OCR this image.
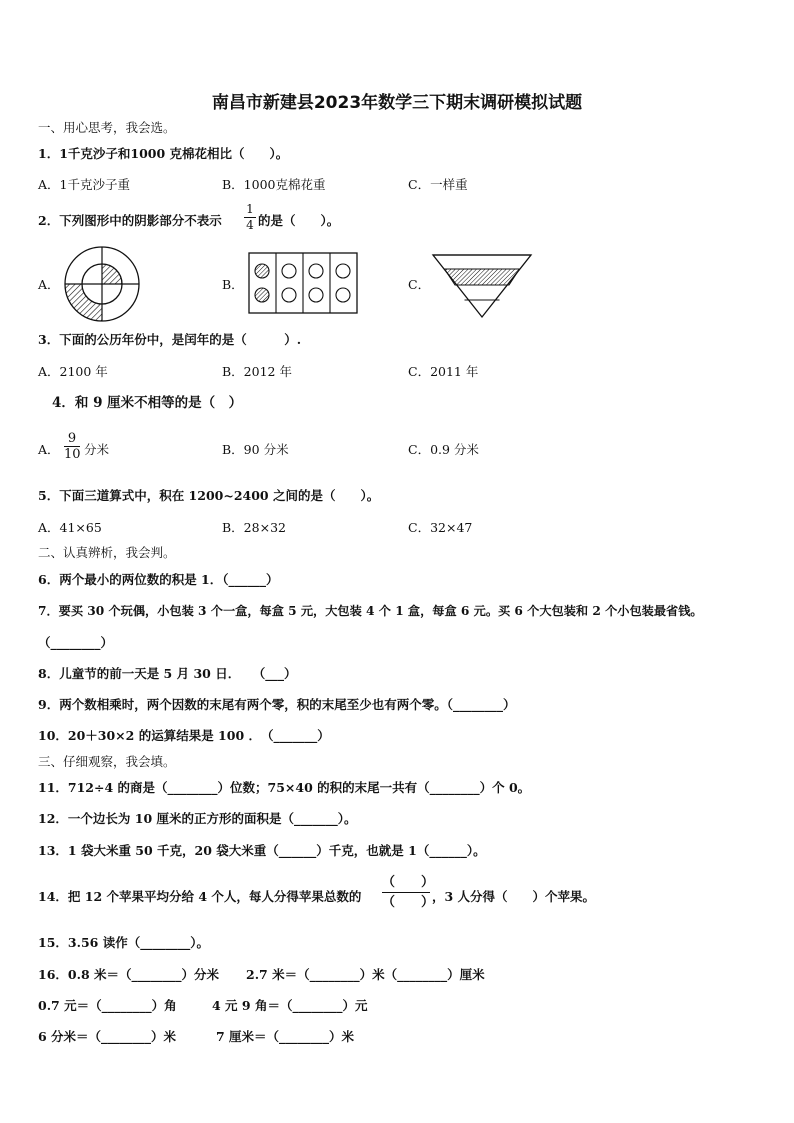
南昌市新建县2023年数学三下期末调研模拟试题
一、用心思考，我会选。
1．1千克沙子和1000 克棉花相比（　　）。
A．1千克沙子重	B．1000克棉花重	C．一样重
2．下列图形中的阴影部分不表示
1
4 的是（　　）。
A．	B．	C．
3．下面的公历年份中，是闰年的是（　　　）.
A．2100 年	B．2012 年	C．2011 年
4．和 9 厘米不相等的是（　）
A．
9
10 分米	B．90 分米	C．0.9 分米
5．下面三道算式中，积在 1200~2400 之间的是（　　）。
A．41×65	B．28×32	C．32×47
二、认真辨析，我会判。
6．两个最小的两位数的积是 1．（______）
7．要买 30 个玩偶，小包装 3 个一盒，每盒 5 元，大包装 4 个 1 盒，每盒 6 元。买 6 个大包装和 2 个小包装最省钱。
（________）
8．儿童节的前一天是 5 月 30 日．　　（___）
9．两个数相乘时，两个因数的末尾有两个零，积的末尾至少也有两个零。（________）
10．20＋30×2 的运算结果是 100 ．　（_______）
三、仔细观察，我会填。
11．712÷4 的商是（________）位数；75×40 的积的末尾一共有（________）个 0。
12．一个边长为 10 厘米的正方形的面积是（_______）。
13．1 袋大米重 50 千克，20 袋大米重（______）千克，也就是 1（______）。
14．把 12 个苹果平均分给 4 个人，每人分得苹果总数的
（　　）
（　　）
，3 人分得（　　）个苹果。
15．3.56 读作（________）。
16．0.8 米＝（________）分米 2.7 米＝（________）米（________）厘米
0.7 元＝（________）角	4 元 9 角＝（________）元
6 分米＝（________）米	7 厘米＝（________）米
